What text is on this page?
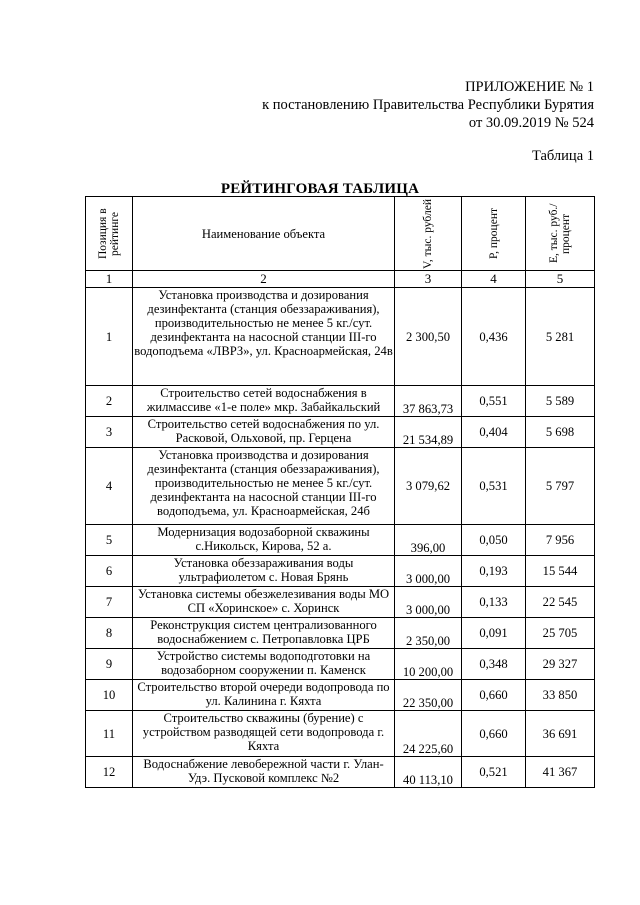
ПРИЛОЖЕНИЕ № 1
к постановлению Правительства Республики Бурятия
от 30.09.2019 № 524
Таблица 1
РЕЙТИНГОВАЯ ТАБЛИЦА
Позиция в рейтинге	Наименование объекта	V, тыс. рублей	P, процент	E, тыс. руб./ процент

1	2	3	4	5
1	Установка производства и дозирования дезинфектанта (станция обеззараживания), производительностью не менее 5 кг./сут. дезинфектанта на насосной станции III-го водоподъема «ЛВРЗ», ул. Красноармейская, 24в	2 300,50	0,436	5 281
2	Строительство сетей водоснабжения в жилмассиве «1-е поле» мкр. Забайкальский	37 863,73	0,551	5 589
3	Строительство сетей водоснабжения по ул. Расковой, Ольховой, пр. Герцена	21 534,89	0,404	5 698
4	Установка производства и дозирования дезинфектанта (станция обеззараживания), производительностью не менее 5 кг./сут. дезинфектанта на насосной станции III-го водоподъема, ул. Красноармейская, 24б	3 079,62	0,531	5 797
5	Модернизация водозаборной скважины с.Никольск, Кирова, 52 а.	396,00	0,050	7 956
6	Установка обеззараживания воды ультрафиолетом с. Новая Брянь	3 000,00	0,193	15 544
7	Установка системы обезжелезивания воды МО СП «Хоринское» с. Хоринск	3 000,00	0,133	22 545
8	Реконструкция систем централизованного водоснабжением с. Петропавловка ЦРБ	2 350,00	0,091	25 705
9	Устройство системы водоподготовки на водозаборном сооружении п. Каменск	10 200,00	0,348	29 327
10	Строительство второй очереди водопровода по ул. Калинина г. Кяхта	22 350,00	0,660	33 850
11	Строительство скважины (бурение) с устройством разводящей сети водопровода г. Кяхта	24 225,60	0,660	36 691
12	Водоснабжение левобережной части г. Улан-Удэ. Пусковой комплекс №2	40 113,10	0,521	41 367
